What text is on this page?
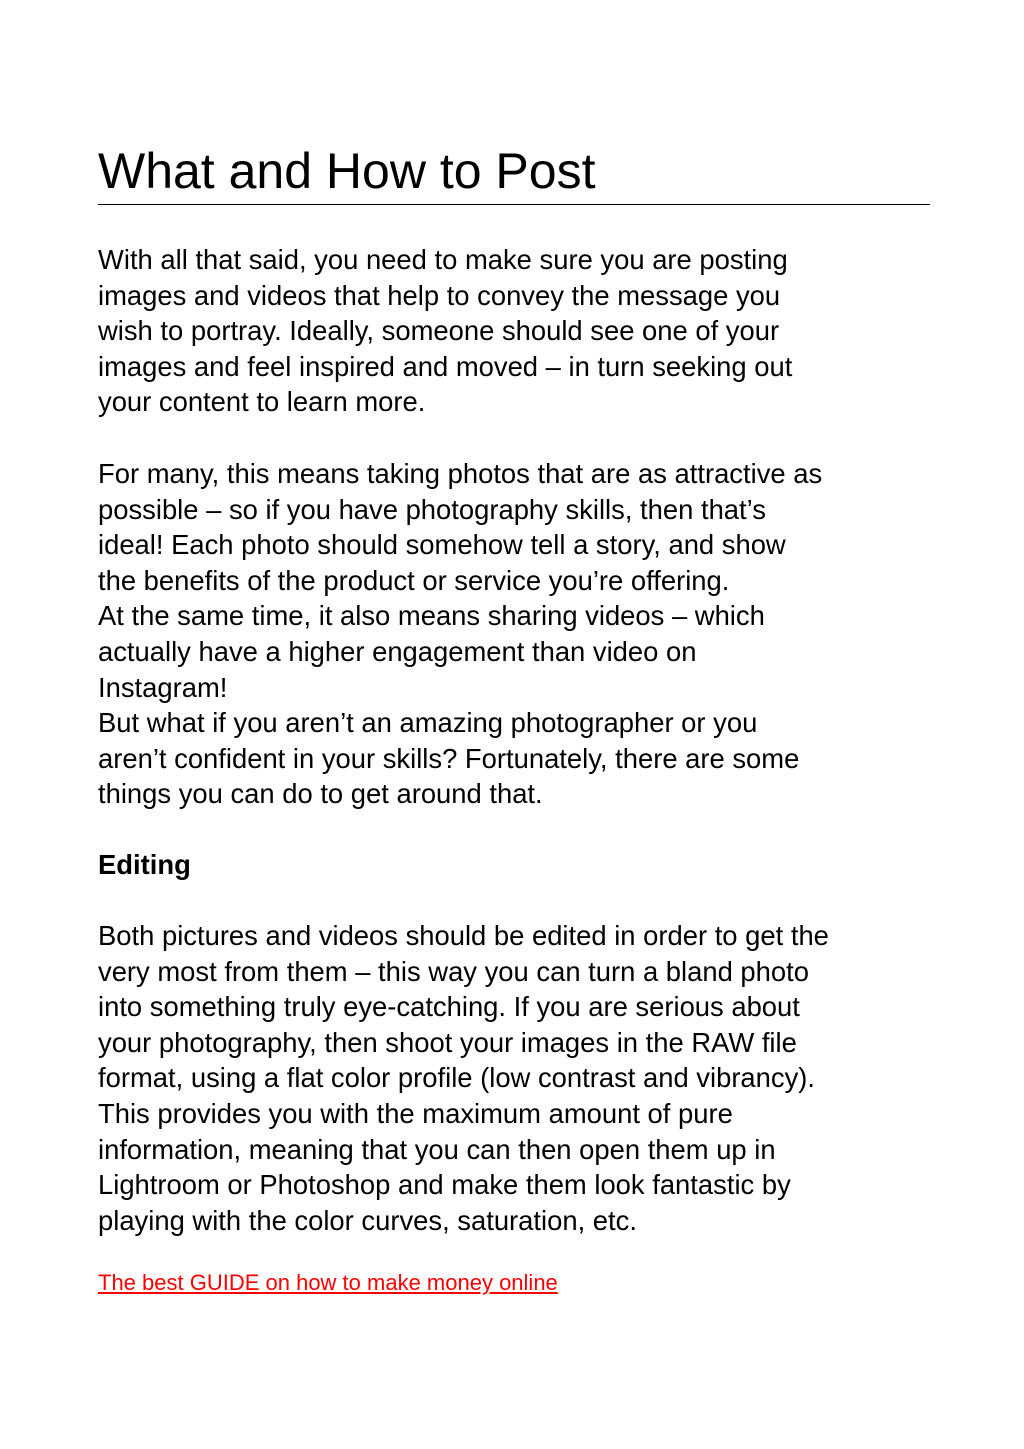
What and How to Post
With all that said, you need to make sure you are posting
images and videos that help to convey the message you
wish to portray. Ideally, someone should see one of your
images and feel inspired and moved – in turn seeking out
your content to learn more.
For many, this means taking photos that are as attractive as
possible – so if you have photography skills, then that’s
ideal! Each photo should somehow tell a story, and show
the benefits of the product or service you’re offering.
At the same time, it also means sharing videos – which
actually have a higher engagement than video on
Instagram!
But what if you aren’t an amazing photographer or you
aren’t confident in your skills? Fortunately, there are some
things you can do to get around that.
Editing
Both pictures and videos should be edited in order to get the
very most from them – this way you can turn a bland photo
into something truly eye-catching. If you are serious about
your photography, then shoot your images in the RAW file
format, using a flat color profile (low contrast and vibrancy).
This provides you with the maximum amount of pure
information, meaning that you can then open them up in
Lightroom or Photoshop and make them look fantastic by
playing with the color curves, saturation, etc.
The best GUIDE on how to make money online
